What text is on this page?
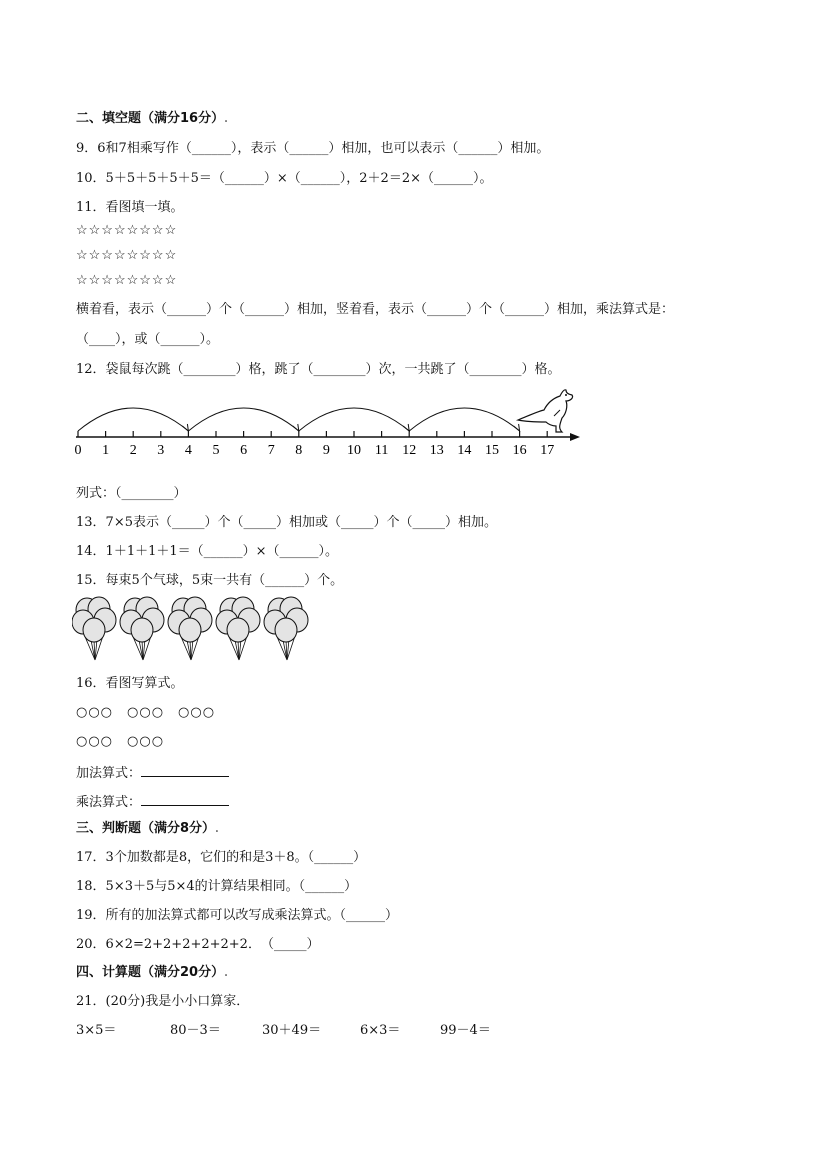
二、填空题（满分16分）.
9．6和7相乘写作（______），表示（______）相加，也可以表示（______）相加。
10．5＋5＋5＋5＋5＝（______）×（______），2＋2＝2×（______）。
11．看图填一填。
☆☆☆☆☆☆☆☆
☆☆☆☆☆☆☆☆
☆☆☆☆☆☆☆☆
横着看，表示（______）个（______）相加，竖着看，表示（______）个（______）相加，乘法算式是：
（____），或（______）。
12．袋鼠每次跳（________）格，跳了（________）次，一共跳了（________）格。
0 1 2 3 4 5 6 7 8 9 10 11 12 13 14 15 16 17
列式：（________）
13．7×5表示（_____）个（_____）相加或（_____）个（_____）相加。
14．1＋1＋1＋1＝（______）×（______）。
15．每束5个气球，5束一共有（______）个。
16．看图写算式。
○○○　○○○　○○○
○○○　○○○
加法算式：
乘法算式：
三、判断题（满分8分）.
17．3个加数都是8，它们的和是3＋8。（______）
18．5×3＋5与5×4的计算结果相同。（______）
19．所有的加法算式都可以改写成乘法算式。（______）
20．6×2=2+2+2+2+2+2．　（_____）
四、计算题（满分20分）.
21．(20分)我是小小口算家．
3×5＝	80－3＝	30＋49＝	6×3＝	99－4＝
